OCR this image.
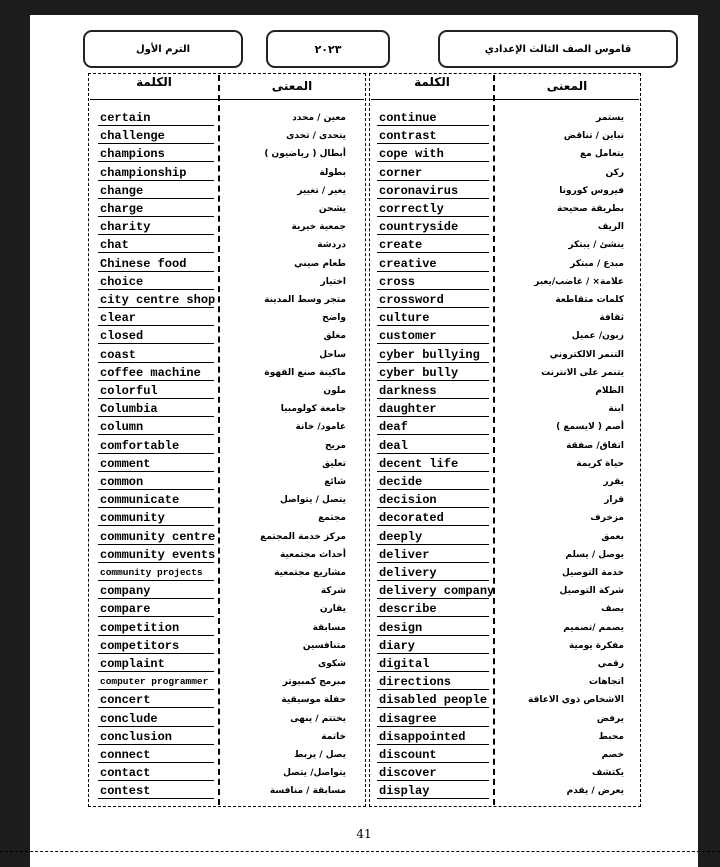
الترم الأول	٢٠٢٣	قاموس الصف الثالث الإعدادي
الكلمة	المعنى	الكلمة	المعنى
certain	معين / محدد
challenge	يتحدى / تحدى
champions	أبطال ( رياضيون )
championship	بطولة
change	يغير / تغيير
charge	يشحن
charity	جمعية خيرية
chat	دردشة
Chinese food	طعام صيني
choice	اختيار
city centre shop	متجر وسط المدينة
clear	واضح
closed	مغلق
coast	ساحل
coffee machine	ماكينة صنع القهوة
colorful	ملون
Columbia	جامعة كولومبيا
column	عامود/ خانة
comfortable	مريح
comment	تعليق
common	شائع
communicate	يتصل / يتواصل
community	مجتمع
community centre	مركز خدمة المجتمع
community events	أحداث مجتمعية
community projects	مشاريع مجتمعية
company	شركة
compare	يقارن
competition	مسابقة
competitors	متنافسين
complaint	شكوى
computer programmer	مبرمج كمبيوتر
concert	حفلة موسيقية
conclude	يختتم / ينهى
conclusion	خاتمة
connect	يصل / يربط
contact	يتواصل/ يتصل
contest	مسابقة / منافسة
continue	يستمر
contrast	تباين / تناقض
cope with	يتعامل مع
corner	ركن
coronavirus	فيروس كورونا
correctly	بطريقة صحيحة
countryside	الريف
create	ينشئ / يبتكر
creative	مبدع / مبتكر
cross	علامة× / غاضب/يعبر
crossword	كلمات متقاطعة
culture	ثقافة
customer	زبون/ عميل
cyber bullying	التنمر الالكتروني
cyber bully	يتنمر على الانترنت
darkness	الظلام
daughter	ابنة
deaf	أصم ( لايسمع )
deal	اتفاق/ صفقة
decent life	حياة كريمة
decide	يقرر
decision	قرار
decorated	مزخرف
deeply	بعمق
deliver	يوصل / يسلم
delivery	خدمة التوصيل
delivery company	شركة التوصيل
describe	يصف
design	يصمم /تصميم
diary	مفكرة يومية
digital	رقمي
directions	اتجاهات
disabled people	الاشخاص ذوي الاعاقة
disagree	يرفض
disappointed	محبط
discount	خصم
discover	يكتشف
display	يعرض / يقدم
41
